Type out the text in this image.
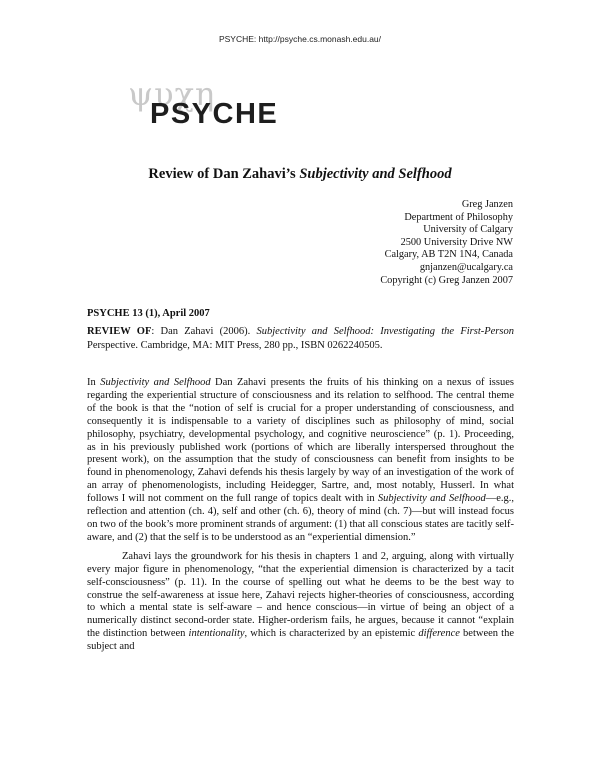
PSYCHE: http://psyche.cs.monash.edu.au/
ψυχη
PSYCHE
Review of Dan Zahavi’s Subjectivity and Selfhood
Greg Janzen
Department of Philosophy
University of Calgary
2500 University Drive NW
Calgary, AB T2N 1N4, Canada
gnjanzen@ucalgary.ca
Copyright (c) Greg Janzen 2007
PSYCHE 13 (1), April 2007
REVIEW OF: Dan Zahavi (2006). Subjectivity and Selfhood: Investigating the First-Person Perspective. Cambridge, MA: MIT Press, 280 pp., ISBN 0262240505.

In Subjectivity and Selfhood Dan Zahavi presents the fruits of his thinking on a nexus of issues regarding the experiential structure of consciousness and its relation to selfhood. The central theme of the book is that the “notion of self is crucial for a proper understanding of consciousness, and consequently it is indispensable to a variety of disciplines such as philosophy of mind, social philosophy, psychiatry, developmental psychology, and cognitive neuroscience” (p. 1). Proceeding, as in his previously published work (portions of which are liberally interspersed throughout the present work), on the assumption that the study of consciousness can benefit from insights to be found in phenomenology, Zahavi defends his thesis largely by way of an investigation of the work of an array of phenomenologists, including Heidegger, Sartre, and, most notably, Husserl. In what follows I will not comment on the full range of topics dealt with in Subjectivity and Selfhood—e.g., reflection and attention (ch. 4), self and other (ch. 6), theory of mind (ch. 7)—but will instead focus on two of the book’s more prominent strands of argument: (1) that all conscious states are tacitly self-aware, and (2) that the self is to be understood as an “experiential dimension.”

Zahavi lays the groundwork for his thesis in chapters 1 and 2, arguing, along with virtually every major figure in phenomenology, “that the experiential dimension is characterized by a tacit self-consciousness” (p. 11). In the course of spelling out what he deems to be the best way to construe the self-awareness at issue here, Zahavi rejects higher-theories of consciousness, according to which a mental state is self-aware – and hence conscious—in virtue of being an object of a numerically distinct second-order state. Higher-orderism fails, he argues, because it cannot “explain the distinction between intentionality, which is characterized by an epistemic difference between the subject and
